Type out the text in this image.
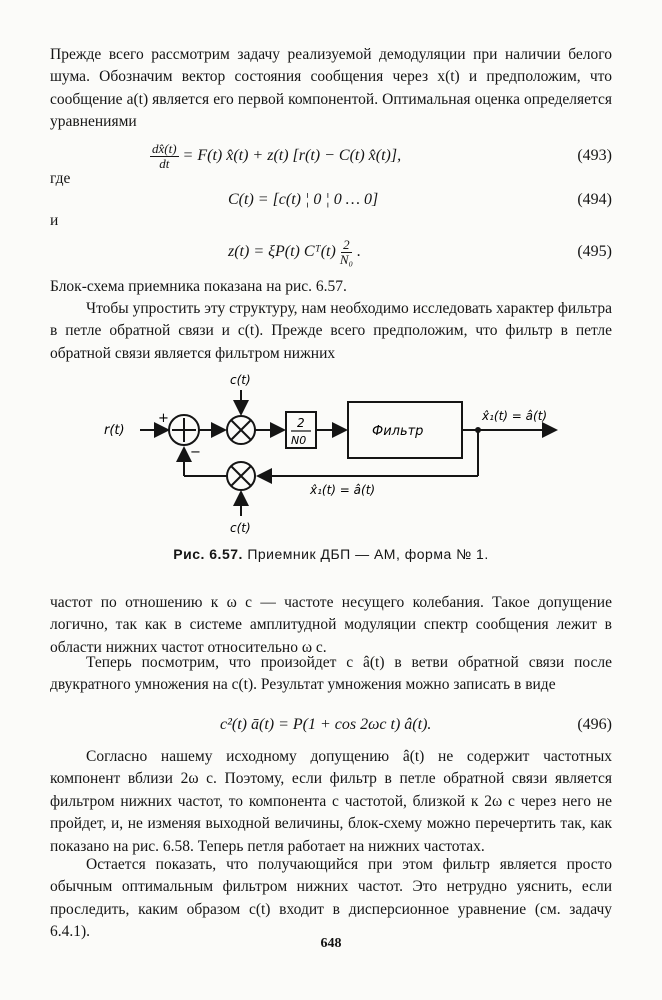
Прежде всего рассмотрим задачу реализуемой демодуляции при наличии белого шума. Обозначим вектор состояния сообщения через x(t) и предположим, что сообщение a(t) является его первой компонентой. Оптимальная оценка определяется уравнениями

$\frac{dx̂(t)}{dt} = F(t)$ x̂(t) + z(t) [r(t) − C(t) x̂(t)],	(493)
где
C(t) = [c(t) ¦ 0 ¦ 0 … 0]	(494)
и
z(t) = ξP(t) Cᵀ(t) $\frac{2}{\text{N₀}}$ .	(495)

Блок-схема приемника показана на рис. 6.57.

Чтобы упростить эту структуру, нам необходимо исследовать характер фильтра в петле обратной связи и c(t). Прежде всего предположим, что фильтр в петле обратной связи является фильтром нижних

r(t)
+
−
c(t)
c(t)
2
N0
Фильтр
x̂₁(t) = â(t)
x̂₁(t) = â(t)
Рис. 6.57. Приемник ДБП — АМ, форма № 1.

частот по отношению к ω c — частоте несущего колебания. Такое допущение логично, так как в системе амплитудной модуляции спектр сообщения лежит в области нижних частот относительно ω c.

Теперь посмотрим, что произойдет с â(t) в ветви обратной связи после двукратного умножения на c(t). Результат умножения можно записать в виде

c²(t) ā(t) = P(1 + cos 2ωc t) â(t).	(496)

Согласно нашему исходному допущению â(t) не содержит частотных компонент вблизи 2ω c. Поэтому, если фильтр в петле обратной связи является фильтром нижних частот, то компонента с частотой, близкой к 2ω c через него не пройдет, и, не изменяя выходной величины, блок-схему можно перечертить так, как показано на рис. 6.58. Теперь петля работает на нижних частотах.

Остается показать, что получающийся при этом фильтр является просто обычным оптимальным фильтром нижних частот. Это нетрудно уяснить, если проследить, каким образом c(t) входит в дисперсионное уравнение (см. задачу 6.4.1).

648
